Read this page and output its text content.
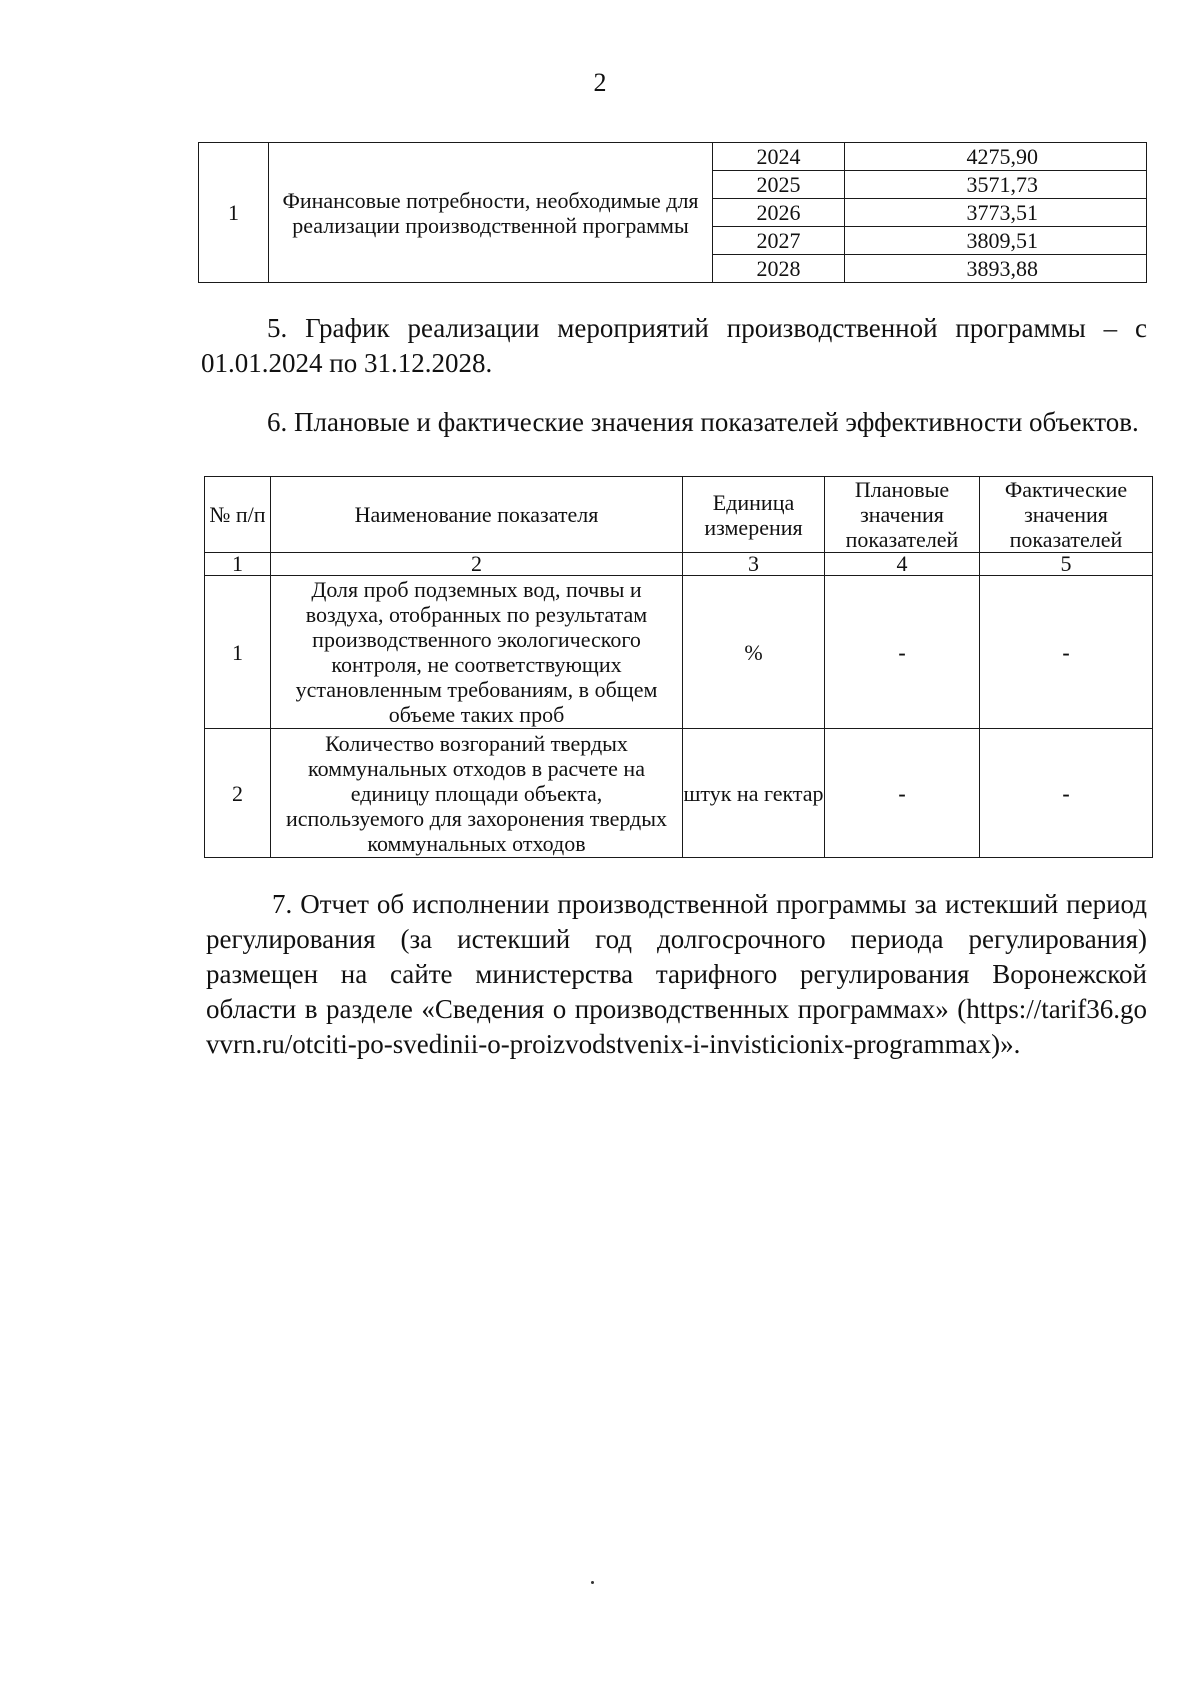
2
1	Финансовые потребности, необходимые для реализации производственной программы	2024	4275,90
		2025	3571,73
		2026	3773,51
		2027	3809,51
		2028	3893,88
5. График реализации мероприятий производственной программы – с 01.01.2024 по 31.12.2028.
6. Плановые и фактические значения показателей эффективности объектов.
№ п/п	Наименование показателя	Единица измерения	Плановые значения показателей	Фактические значения показателей
1	2	3	4	5
1	Доля проб подземных вод, почвы и воздуха, отобранных по результатам производственного экологического контроля, не соответствующих установленным требованиям, в общем объеме таких проб	%	-	-
2	Количество возгораний твердых коммунальных отходов в расчете на единицу площади объекта, используемого для захоронения твердых коммунальных отходов	штук на гектар	-	-
7. Отчет об исполнении производственной программы за истекший период регулирования (за истекший год долгосрочного периода регулирования) размещен на сайте министерства тарифного регулирования Воронежской области в разделе «Сведения о производственных программах» (https://tarif36.govvrn.ru/otciti-po-svedinii-o-proizvodstvenix-i-invisticionix-programmax)».
